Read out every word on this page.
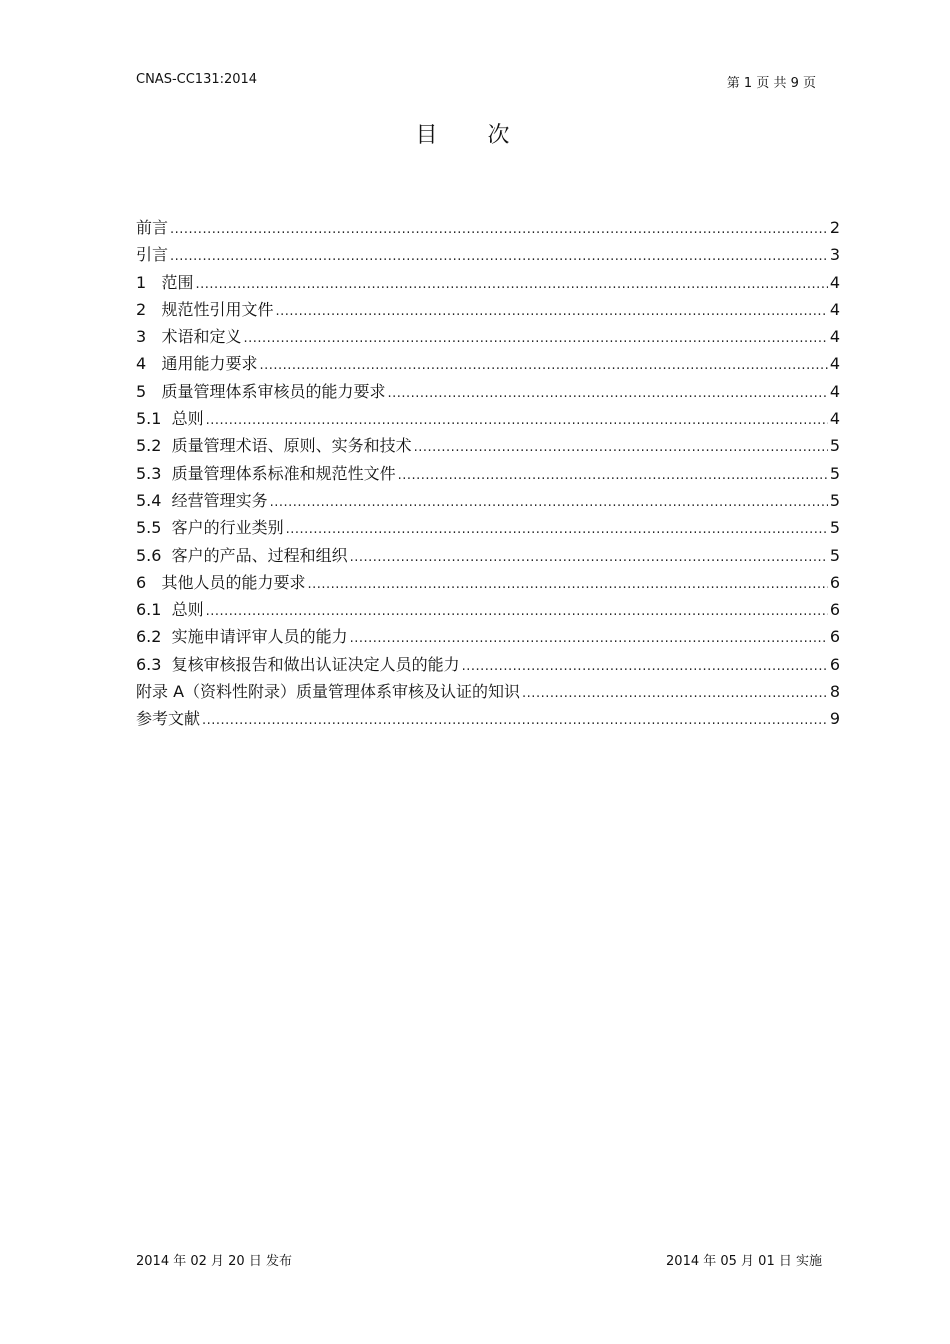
CNAS-CC131:2014	第 1 页 共 9 页
目次
前言 .....	2
引言 .....	3
1   范围 .....	4
2   规范性引用文件 .....	4
3   术语和定义 .....	4
4   通用能力要求 .....	4
5   质量管理体系审核员的能力要求 .....	4
5.1  总则 .....	4
5.2  质量管理术语、原则、实务和技术 .....	5
5.3  质量管理体系标准和规范性文件 .....	5
5.4  经营管理实务 .....	5
5.5  客户的行业类别 .....	5
5.6  客户的产品、过程和组织 .....	5
6   其他人员的能力要求 .....	6
6.1  总则 .....	6
6.2  实施申请评审人员的能力 .....	6
6.3  复核审核报告和做出认证决定人员的能力 .....	6
附录 A（资料性附录）质量管理体系审核及认证的知识 .....	8
参考文献 .....	9
2014 年 02 月 20 日 发布	2014 年 05 月 01 日 实施
